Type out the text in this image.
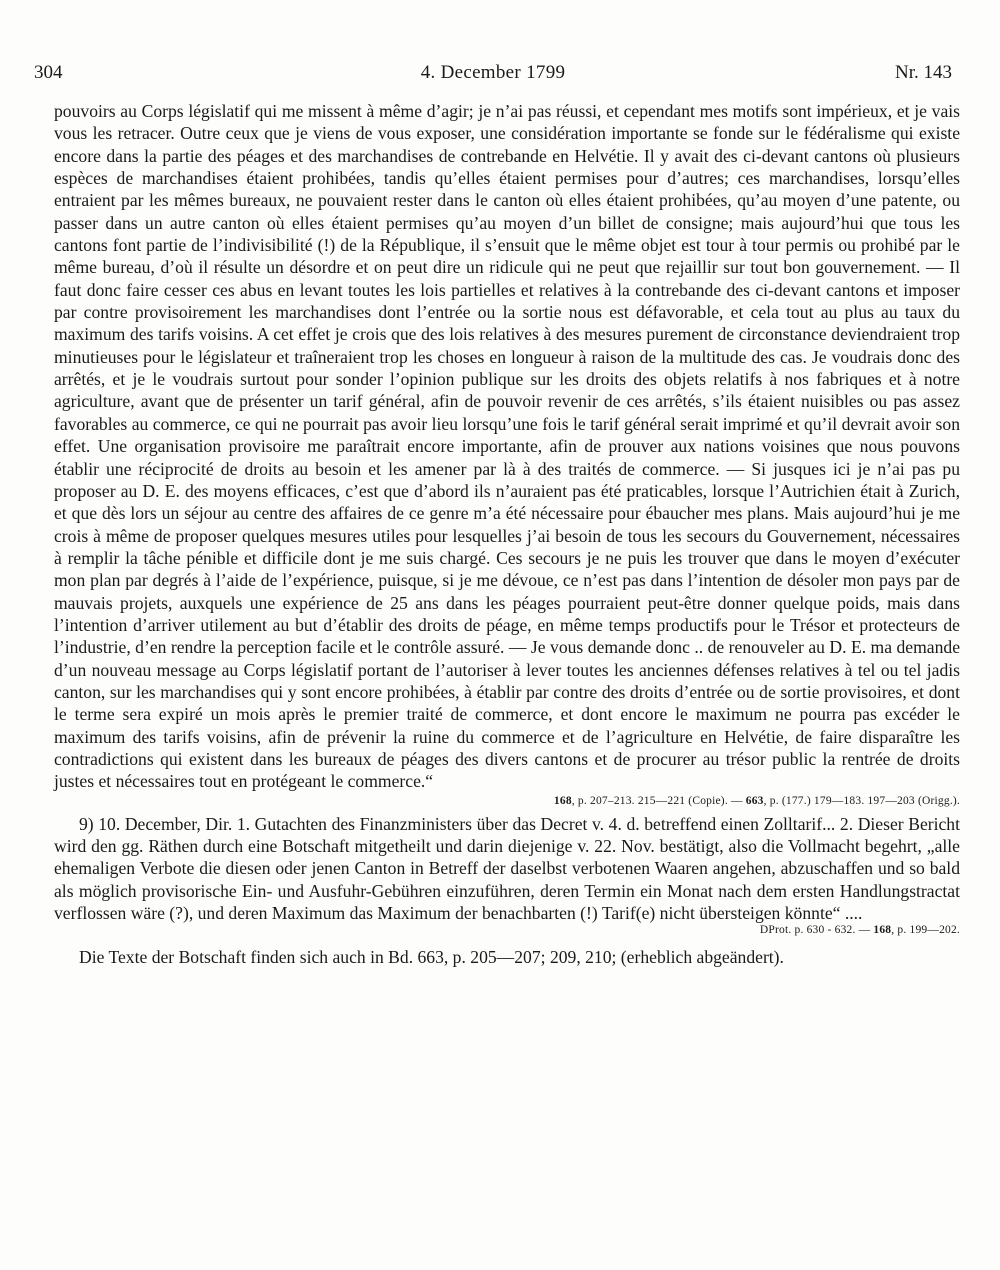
304	4. December 1799	Nr. 143

pouvoirs au Corps législatif qui me missent à même d’agir; je n’ai pas réussi, et cependant mes motifs sont impérieux, et je vais vous les retracer. Outre ceux que je viens de vous exposer, une considération importante se fonde sur le fédéralisme qui existe encore dans la partie des péages et des marchandises de contrebande en Helvétie. Il y avait des ci-devant cantons où plusieurs espèces de marchandises étaient prohibées, tandis qu’elles étaient permises pour d’autres; ces marchandises, lorsqu’elles entraient par les mêmes bureaux, ne pouvaient rester dans le canton où elles étaient prohibées, qu’au moyen d’une patente, ou passer dans un autre canton où elles étaient permises qu’au moyen d’un billet de consigne; mais aujourd’hui que tous les cantons font partie de l’indivisibilité (!) de la République, il s’ensuit que le même objet est tour à tour permis ou prohibé par le même bureau, d’où il résulte un désordre et on peut dire un ridicule qui ne peut que rejaillir sur tout bon gouvernement. — Il faut donc faire cesser ces abus en levant toutes les lois partielles et relatives à la contrebande des ci-devant cantons et imposer par contre provisoirement les marchandises dont l’entrée ou la sortie nous est défavorable, et cela tout au plus au taux du maximum des tarifs voisins. A cet effet je crois que des lois relatives à des mesures purement de circonstance deviendraient trop minutieuses pour le législateur et traîneraient trop les choses en longueur à raison de la multitude des cas. Je voudrais donc des arrêtés, et je le voudrais surtout pour sonder l’opinion publique sur les droits des objets relatifs à nos fabriques et à notre agriculture, avant que de présenter un tarif général, afin de pouvoir revenir de ces arrêtés, s’ils étaient nuisibles ou pas assez favorables au commerce, ce qui ne pourrait pas avoir lieu lorsqu’une fois le tarif général serait imprimé et qu’il devrait avoir son effet. Une organisation provisoire me paraîtrait encore importante, afin de prouver aux nations voisines que nous pouvons établir une réciprocité de droits au besoin et les amener par là à des traités de commerce. — Si jusques ici je n’ai pas pu proposer au D. E. des moyens efficaces, c’est que d’abord ils n’auraient pas été praticables, lorsque l’Autrichien était à Zurich, et que dès lors un séjour au centre des affaires de ce genre m’a été nécessaire pour ébaucher mes plans. Mais aujourd’hui je me crois à même de proposer quelques mesures utiles pour lesquelles j’ai besoin de tous les secours du Gouvernement, nécessaires à remplir la tâche pénible et difficile dont je me suis chargé. Ces secours je ne puis les trouver que dans le moyen d’exécuter mon plan par degrés à l’aide de l’expérience, puisque, si je me dévoue, ce n’est pas dans l’intention de désoler mon pays par de mauvais projets, auxquels une expérience de 25 ans dans les péages pourraient peut-être donner quelque poids, mais dans l’intention d’arriver utilement au but d’établir des droits de péage, en même temps productifs pour le Trésor et protecteurs de l’industrie, d’en rendre la perception facile et le contrôle assuré. — Je vous demande donc .. de renouveler au D. E. ma demande d’un nouveau message au Corps législatif portant de l’autoriser à lever toutes les anciennes défenses relatives à tel ou tel jadis canton, sur les marchandises qui y sont encore prohibées, à établir par contre des droits d’entrée ou de sortie provisoires, et dont le terme sera expiré un mois après le premier traité de commerce, et dont encore le maximum ne pourra pas excéder le maximum des tarifs voisins, afin de prévenir la ruine du commerce et de l’agriculture en Helvétie, de faire disparaître les contradictions qui existent dans les bureaux de péages des divers cantons et de procurer au trésor public la rentrée de droits justes et nécessaires tout en protégeant le commerce.“

168, p. 207–213. 215—221 (Copie). — 663, p. (177.) 179—183. 197—203 (Origg.).

9) 10. December, Dir. 1. Gutachten des Finanzministers über das Decret v. 4. d. betreffend einen Zolltarif... 2. Dieser Bericht wird den gg. Räthen durch eine Botschaft mitgetheilt und darin diejenige v. 22. Nov. bestätigt, also die Vollmacht begehrt, „alle ehemaligen Verbote die diesen oder jenen Canton in Betreff der daselbst verbotenen Waaren angehen, abzuschaffen und so bald als möglich provisorische Ein- und Ausfuhr-Gebühren einzuführen, deren Termin ein Monat nach dem ersten Handlungstractat verflossen wäre (?), und deren Maximum das Maximum der benachbarten (!) Tarif(e) nicht übersteigen könnte“ ....

DProt. p. 630 - 632. — 168, p. 199—202.

Die Texte der Botschaft finden sich auch in Bd. 663, p. 205—207; 209, 210; (erheblich abgeändert).
